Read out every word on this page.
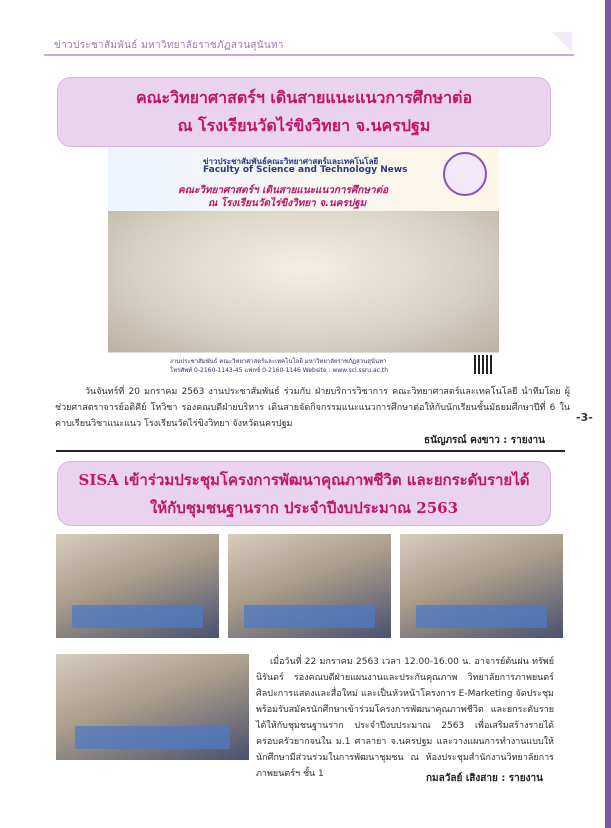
ข่าวประชาสัมพันธ์ มหาวิทยาลัยราชภัฏสวนสุนันทา
คณะวิทยาศาสตร์ฯ เดินสายแนะแนวการศึกษาต่อ
ณ โรงเรียนวัดไร่ขิงวิทยา จ.นครปฐม
ข่าวประชาสัมพันธ์คณะวิทยาศาสตร์และเทคโนโลยี
Faculty of Science and Technology News
คณะวิทยาศาสตร์ฯ เดินสายแนะแนวการศึกษาต่อ
ณ โรงเรียนวัดไร่ขิงวิทยา จ.นครปฐม
งานประชาสัมพันธ์ คณะวิทยาศาสตร์และเทคโนโลยี มหาวิทยาลัยราชภัฏสวนสุนันทา
โทรศัพท์ 0-2160-1143-45 แฟกซ์ 0-2160-1146 Website : www.sci.ssru.ac.th
วันจันทร์ที่ 20 มกราคม 2563 งานประชาสัมพันธ์ ร่วมกับ ฝ่ายบริการวิชาการ คณะวิทยาศาสตร์และเทคโนโลยี นำทีมโดย ผู้ช่วยศาสตราจารย์อติคีย์ โหวิชา รองคณบดีฝ่ายบริหาร เดินสายจัดกิจกรรมแนะแนวการศึกษาต่อให้กับนักเรียนชั้นมัธยมศึกษาปีที่ 6 ในคาบเรียนวิชาแนะแนว โรงเรียนวัดไร่ขิงวิทยา จังหวัดนครปฐม
ธนัญภรณ์ คงขาว : รายงาน
-3-
SISA เข้าร่วมประชุมโครงการพัฒนาคุณภาพชีวิต และยกระดับรายได้
ให้กับชุมชนฐานราก ประจำปีงบประมาณ 2563
เมื่อวันที่ 22 มกราคม 2563 เวลา 12.00-16.00 น. อาจารย์ต้นฝน ทรัพย์นิรันดร์ รองคณบดีฝ่ายแผนงานและประกันคุณภาพ วิทยาลัยการภาพยนตร์ ศิลปะการแสดงและสื่อใหม่ และเป็นหัวหน้าโครงการ E-Marketing จัดประชุมพร้อมรับสมัครนักศึกษาเข้าร่วมโครงการพัฒนาคุณภาพชีวิต และยกระดับรายได้ให้กับชุมชนฐานราก ประจำปีงบประมาณ 2563 เพื่อเสริมสร้างรายได้ครอบครัวยากจนใน ม.1 ศาลายา จ.นครปฐม และวางแผนการทำงานแบบให้นักศึกษามีส่วนร่วมในการพัฒนาชุมชน ณ ห้องประชุมสำนักงานวิทยาลัยการภาพยนตร์ฯ ชั้น 1	กมลวัลย์ เสิงสาย : รายงาน
